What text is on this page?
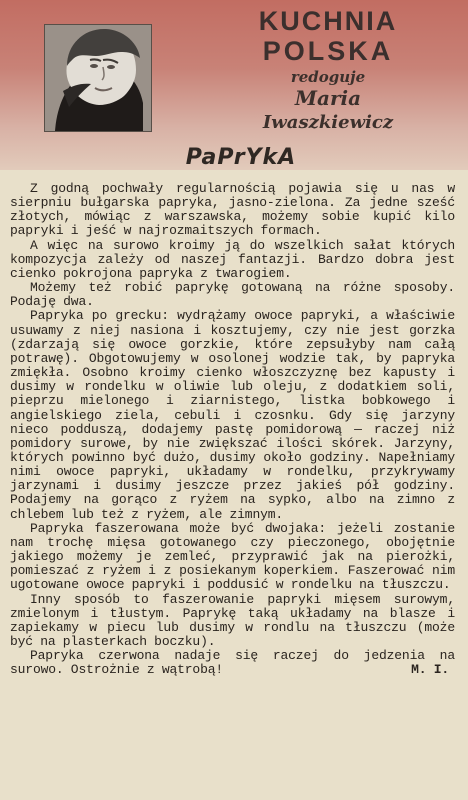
KUCHNIA
POLSKA
redoguje
Maria
Iwaszkiewicz
PaPrYkA

Z godną pochwały regularnością pojawia się u nas w sierpniu bułgarska papryka, jasno-zielona. Za jedne sześć złotych, mówiąc z warszawska, możemy sobie kupić kilo papryki i jeść w najrozmaitszych formach.

A więc na surowo kroimy ją do wszelkich sałat których kompozycja zależy od naszej fantazji. Bardzo dobra jest cienko pokrojona papryka z twarogiem.

Możemy też robić paprykę gotowaną na różne sposoby. Podaję dwa.

Papryka po grecku: wydrążamy owoce papryki, a właściwie usuwamy z niej nasiona i kosztujemy, czy nie jest gorzka (zdarzają się owoce gorzkie, które zepsułyby nam całą potrawę). Obgotowujemy w osolonej wodzie tak, by papryka zmiękła. Osobno kroimy cienko włoszczyznę bez kapusty i dusimy w rondelku w oliwie lub oleju, z dodatkiem soli, pieprzu mielonego i ziarnistego, listka bobkowego i angielskiego ziela, cebuli i czosnku. Gdy się jarzyny nieco podduszą, dodajemy pastę pomidorową — raczej niż pomidory surowe, by nie zwiększać ilości skórek. Jarzyny, których powinno być dużo, dusimy około godziny. Napełniamy nimi owoce papryki, układamy w rondelku, przykrywamy jarzynami i dusimy jeszcze przez jakieś pół godziny. Podajemy na gorąco z ryżem na sypko, albo na zimno z chlebem lub też z ryżem, ale zimnym.

Papryka faszerowana może być dwojaka: jeżeli zostanie nam trochę mięsa gotowanego czy pieczonego, obojętnie jakiego możemy je zemleć, przyprawić jak na pierożki, pomieszać z ryżem i z posiekanym koperkiem. Faszerować nim ugotowane owoce papryki i poddusić w rondelku na tłuszczu.

Inny sposób to faszerowanie papryki mięsem surowym, zmielonym i tłustym. Paprykę taką układamy na blasze i zapiekamy w piecu lub dusimy w rondlu na tłuszczu (może być na plasterkach boczku).

Papryka czerwona nadaje się raczej do jedzenia na surowo. Ostrożnie z wątrobą!	M. I.
